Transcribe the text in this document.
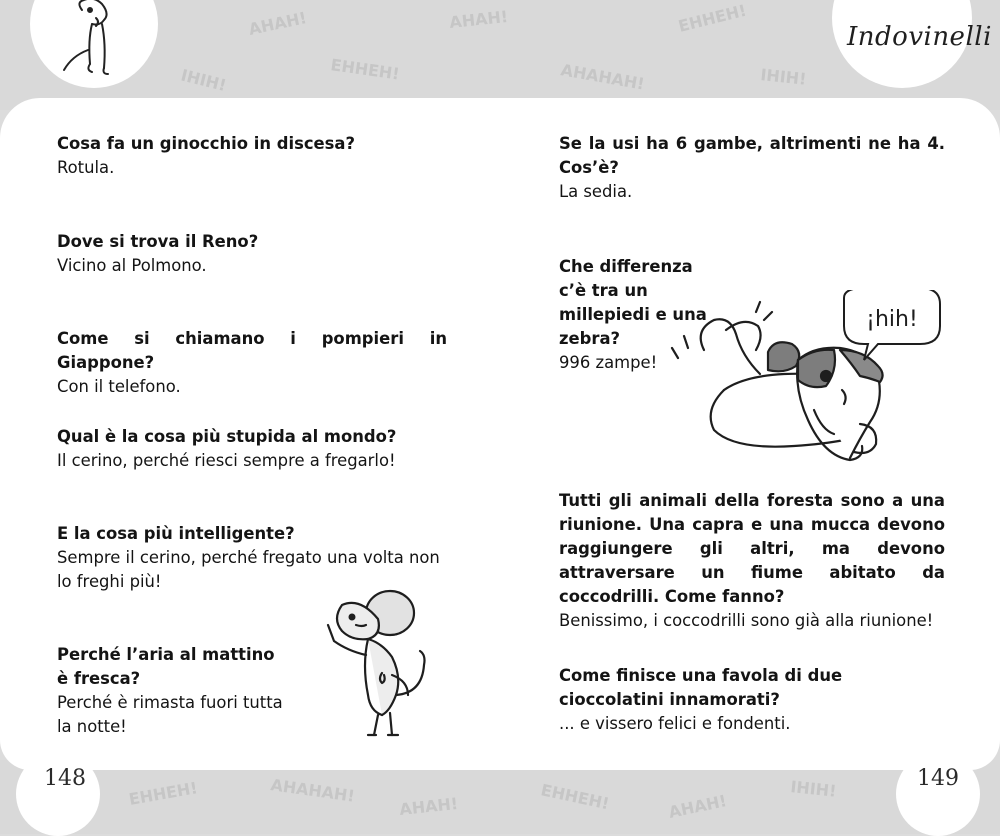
AHAH!
EHHEH!
AHAH!
AHAHAH!
EHHEH!
IHIH!
IHIH!
EHHEH!	AHAHAH!
AHAH!	EHHEH!	AHAH!
IHIH!
Indovinelli
148	149
Cosa fa un ginocchio in discesa?
Rotula.
Dove si trova il Reno?
Vicino al Polmono.
Come si chiamano i pompieri in Giappone?
Con il telefono.
Qual è la cosa più stupida al mondo?
Il cerino, perché riesci sempre a fregarlo!
E la cosa più intelligente?
Sempre il cerino, perché fregato una volta non lo freghi più!
Perché l’aria al mattino è fresca?
Perché è rimasta fuori tutta la notte!
Se la usi ha 6 gambe, altrimenti ne ha 4. Cos’è?
La sedia.
Che differenza c’è tra un millepiedi e una zebra?
996 zampe!
Tutti gli animali della foresta sono a una riunione. Una capra e una mucca devono raggiungere gli altri, ma devono attraversare un fiume abitato da coccodrilli. Come fanno?
Benissimo, i coccodrilli sono già alla riunione!
Come finisce una favola di due cioccolatini innamorati?
... e vissero felici e fondenti.
¡hih!
